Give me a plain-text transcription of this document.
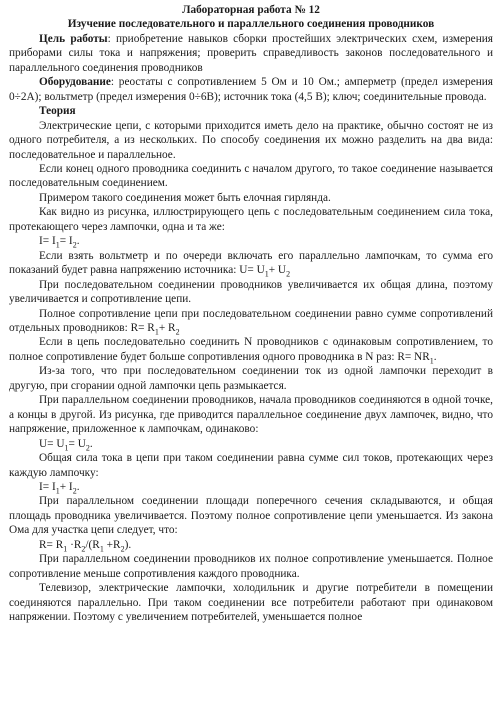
Лабораторная работа № 12

Изучение последовательного и параллельного соединения проводников

Цель работы: приобретение навыков сборки простейших электрических схем, измерения приборами силы тока и напряжения; проверить справедливость законов последовательного и параллельного соединения проводников

Оборудование: реостаты с сопротивлением 5 Ом и 10 Ом.; амперметр (предел измерения 0÷2А); вольтметр (предел измерения 0÷6В); источник тока (4,5 В); ключ; соединительные провода.

Теория

Электрические цепи, с которыми приходится иметь дело на практике, обычно состоят не из одного потребителя, а из нескольких. По способу соединения их можно разделить на два вида: последовательное и параллельное.

Если конец одного проводника соединить с началом другого, то такое соединение называется последовательным соединением.

Примером такого соединения может быть елочная гирлянда.

Как видно из рисунка, иллюстрирующего цепь с последовательным соединением сила тока, протекающего через лампочки, одна и та же:

$I= I_1= I_2$.

Если взять вольтметр и по очереди включать его параллельно лампочкам, то сумма его показаний будет равна напряжению источника: $U= U_1+ U_2$

При последовательном соединении проводников увеличивается их общая длина, поэтому увеличивается и сопротивление цепи.

Полное сопротивление цепи при последовательном соединении равно сумме сопротивлений отдельных проводников: $R= R_1+ R_2$

Если в цепь последовательно соединить N проводников с одинаковым сопротивлением, то полное сопротивление будет больше сопротивления одного проводника в N раз: $R= NR_1$.

Из-за того, что при последовательном соединении ток из одной лампочки переходит в другую, при сгорании одной лампочки цепь размыкается.

При параллельном соединении проводников, начала проводников соединяются в одной точке, а концы в другой. Из рисунка, где приводится параллельное соединение двух лампочек, видно, что напряжение, приложенное к лампочкам, одинаково:

$U= U_1= U_2$.

Общая сила тока в цепи при таком соединении равна сумме сил токов, протекающих через каждую лампочку:

$I= I_1+ I_2$.

При параллельном соединении площади поперечного сечения складываются, и общая площадь проводника увеличивается. Поэтому полное сопротивление цепи уменьшается. Из закона Ома для участка цепи следует, что:

$R= R_1 \cdot R_2/(R_1 +R_2)$.

При параллельном соединении проводников их полное сопротивление уменьшается. Полное сопротивление меньше сопротивления каждого проводника.

Телевизор, электрические лампочки, холодильник и другие потребители в помещении соединяются параллельно. При таком соединении все потребители работают при одинаковом напряжении. Поэтому с увеличением потребителей, уменьшается полное
